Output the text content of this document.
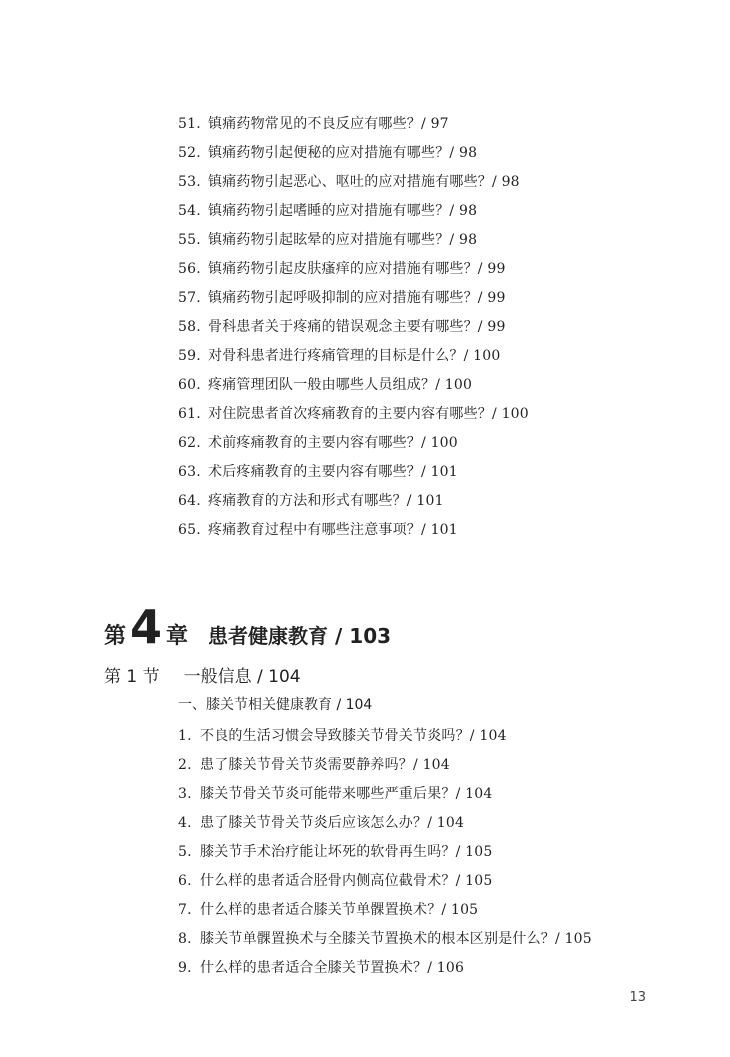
51. 镇痛药物常见的不良反应有哪些？/ 97
52. 镇痛药物引起便秘的应对措施有哪些？/ 98
53. 镇痛药物引起恶心、呕吐的应对措施有哪些？/ 98
54. 镇痛药物引起嗜睡的应对措施有哪些？/ 98
55. 镇痛药物引起眩晕的应对措施有哪些？/ 98
56. 镇痛药物引起皮肤瘙痒的应对措施有哪些？/ 99
57. 镇痛药物引起呼吸抑制的应对措施有哪些？/ 99
58. 骨科患者关于疼痛的错误观念主要有哪些？/ 99
59. 对骨科患者进行疼痛管理的目标是什么？/ 100
60. 疼痛管理团队一般由哪些人员组成？/ 100
61. 对住院患者首次疼痛教育的主要内容有哪些？/ 100
62. 术前疼痛教育的主要内容有哪些？/ 100
63. 术后疼痛教育的主要内容有哪些？/ 101
64. 疼痛教育的方法和形式有哪些？/ 101
65. 疼痛教育过程中有哪些注意事项？/ 101
第 4 章 患者健康教育 / 103
第 1 节 一般信息 / 104
一、膝关节相关健康教育 / 104
1. 不良的生活习惯会导致膝关节骨关节炎吗？/ 104
2. 患了膝关节骨关节炎需要静养吗？/ 104
3. 膝关节骨关节炎可能带来哪些严重后果？/ 104
4. 患了膝关节骨关节炎后应该怎么办？/ 104
5. 膝关节手术治疗能让坏死的软骨再生吗？/ 105
6. 什么样的患者适合胫骨内侧高位截骨术？/ 105
7. 什么样的患者适合膝关节单髁置换术？/ 105
8. 膝关节单髁置换术与全膝关节置换术的根本区别是什么？/ 105
9. 什么样的患者适合全膝关节置换术？/ 106
13
